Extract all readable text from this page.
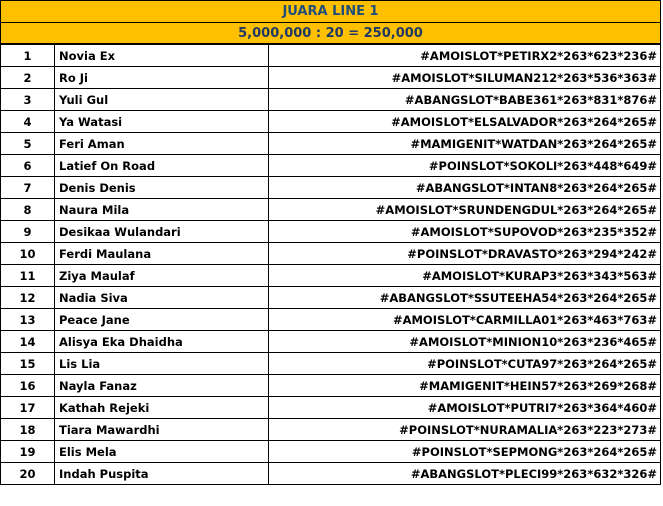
JUARA LINE 1
5,000,000 : 20 = 250,000
1	Novia Ex	#AMOISLOT*PETIRX2*263*623*236#
2	Ro Ji	#AMOISLOT*SILUMAN212*263*536*363#
3	Yuli Gul	#ABANGSLOT*BABE361*263*831*876#
4	Ya Watasi	#AMOISLOT*ELSALVADOR*263*264*265#
5	Feri Aman	#MAMIGENIT*WATDAN*263*264*265#
6	Latief On Road	#POINSLOT*SOKOLI*263*448*649#
7	Denis Denis	#ABANGSLOT*INTAN8*263*264*265#
8	Naura Mila	#AMOISLOT*SRUNDENGDUL*263*264*265#
9	Desikaa Wulandari	#AMOISLOT*SUPOVOD*263*235*352#
10	Ferdi Maulana	#POINSLOT*DRAVASTO*263*294*242#
11	Ziya Maulaf	#AMOISLOT*KURAP3*263*343*563#
12	Nadia Siva	#ABANGSLOT*SSUTEEHA54*263*264*265#
13	Peace Jane	#AMOISLOT*CARMILLA01*263*463*763#
14	Alisya Eka Dhaidha	#AMOISLOT*MINION10*263*236*465#
15	Lis Lia	#POINSLOT*CUTA97*263*264*265#
16	Nayla Fanaz	#MAMIGENIT*HEIN57*263*269*268#
17	Kathah Rejeki	#AMOISLOT*PUTRI7*263*364*460#
18	Tiara Mawardhi	#POINSLOT*NURAMALIA*263*223*273#
19	Elis Mela	#POINSLOT*SEPMONG*263*264*265#
20	Indah Puspita	#ABANGSLOT*PLECI99*263*632*326#
